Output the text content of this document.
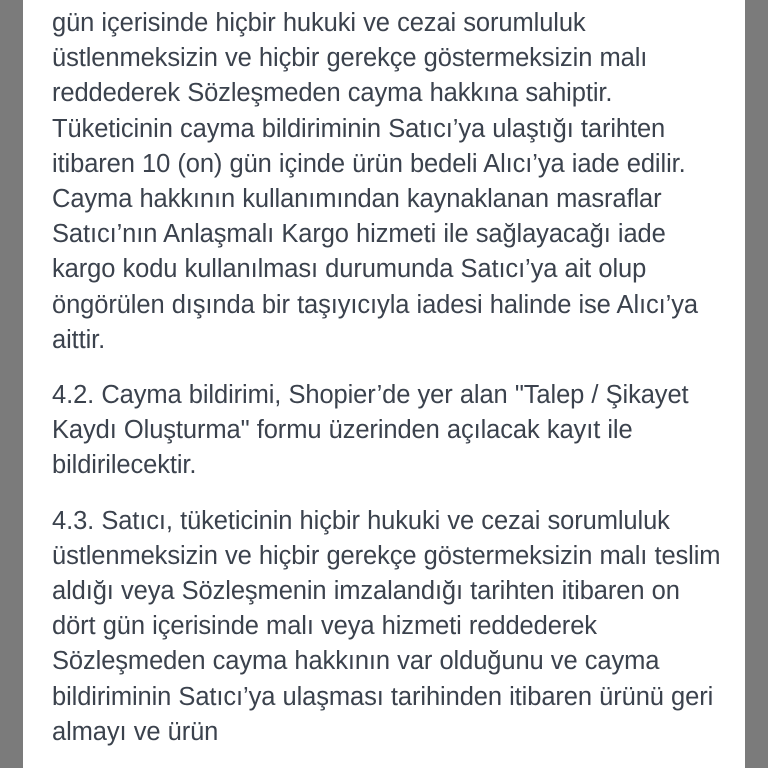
gün içerisinde hiçbir hukuki ve cezai sorumluluk üstlenmeksizin ve hiçbir gerekçe göstermeksizin malı reddederek Sözleşmeden cayma hakkına sahiptir. Tüketicinin cayma bildiriminin Satıcı’ya ulaştığı tarihten itibaren 10 (on) gün içinde ürün bedeli Alıcı’ya iade edilir. Cayma hakkının kullanımından kaynaklanan masraflar Satıcı’nın Anlaşmalı Kargo hizmeti ile sağlayacağı iade kargo kodu kullanılması durumunda Satıcı’ya ait olup öngörülen dışında bir taşıyıcıyla iadesi halinde ise Alıcı’ya aittir.

4.2. Cayma bildirimi, Shopier’de yer alan "Talep / Şikayet Kaydı Oluşturma" formu üzerinden açılacak kayıt ile bildirilecektir.

4.3. Satıcı, tüketicinin hiçbir hukuki ve cezai sorumluluk üstlenmeksizin ve hiçbir gerekçe göstermeksizin malı teslim aldığı veya Sözleşmenin imzalandığı tarihten itibaren on dört gün içerisinde malı veya hizmeti reddederek Sözleşmeden cayma hakkının var olduğunu ve cayma bildiriminin Satıcı’ya ulaşması tarihinden itibaren ürünü geri almayı ve ürün
